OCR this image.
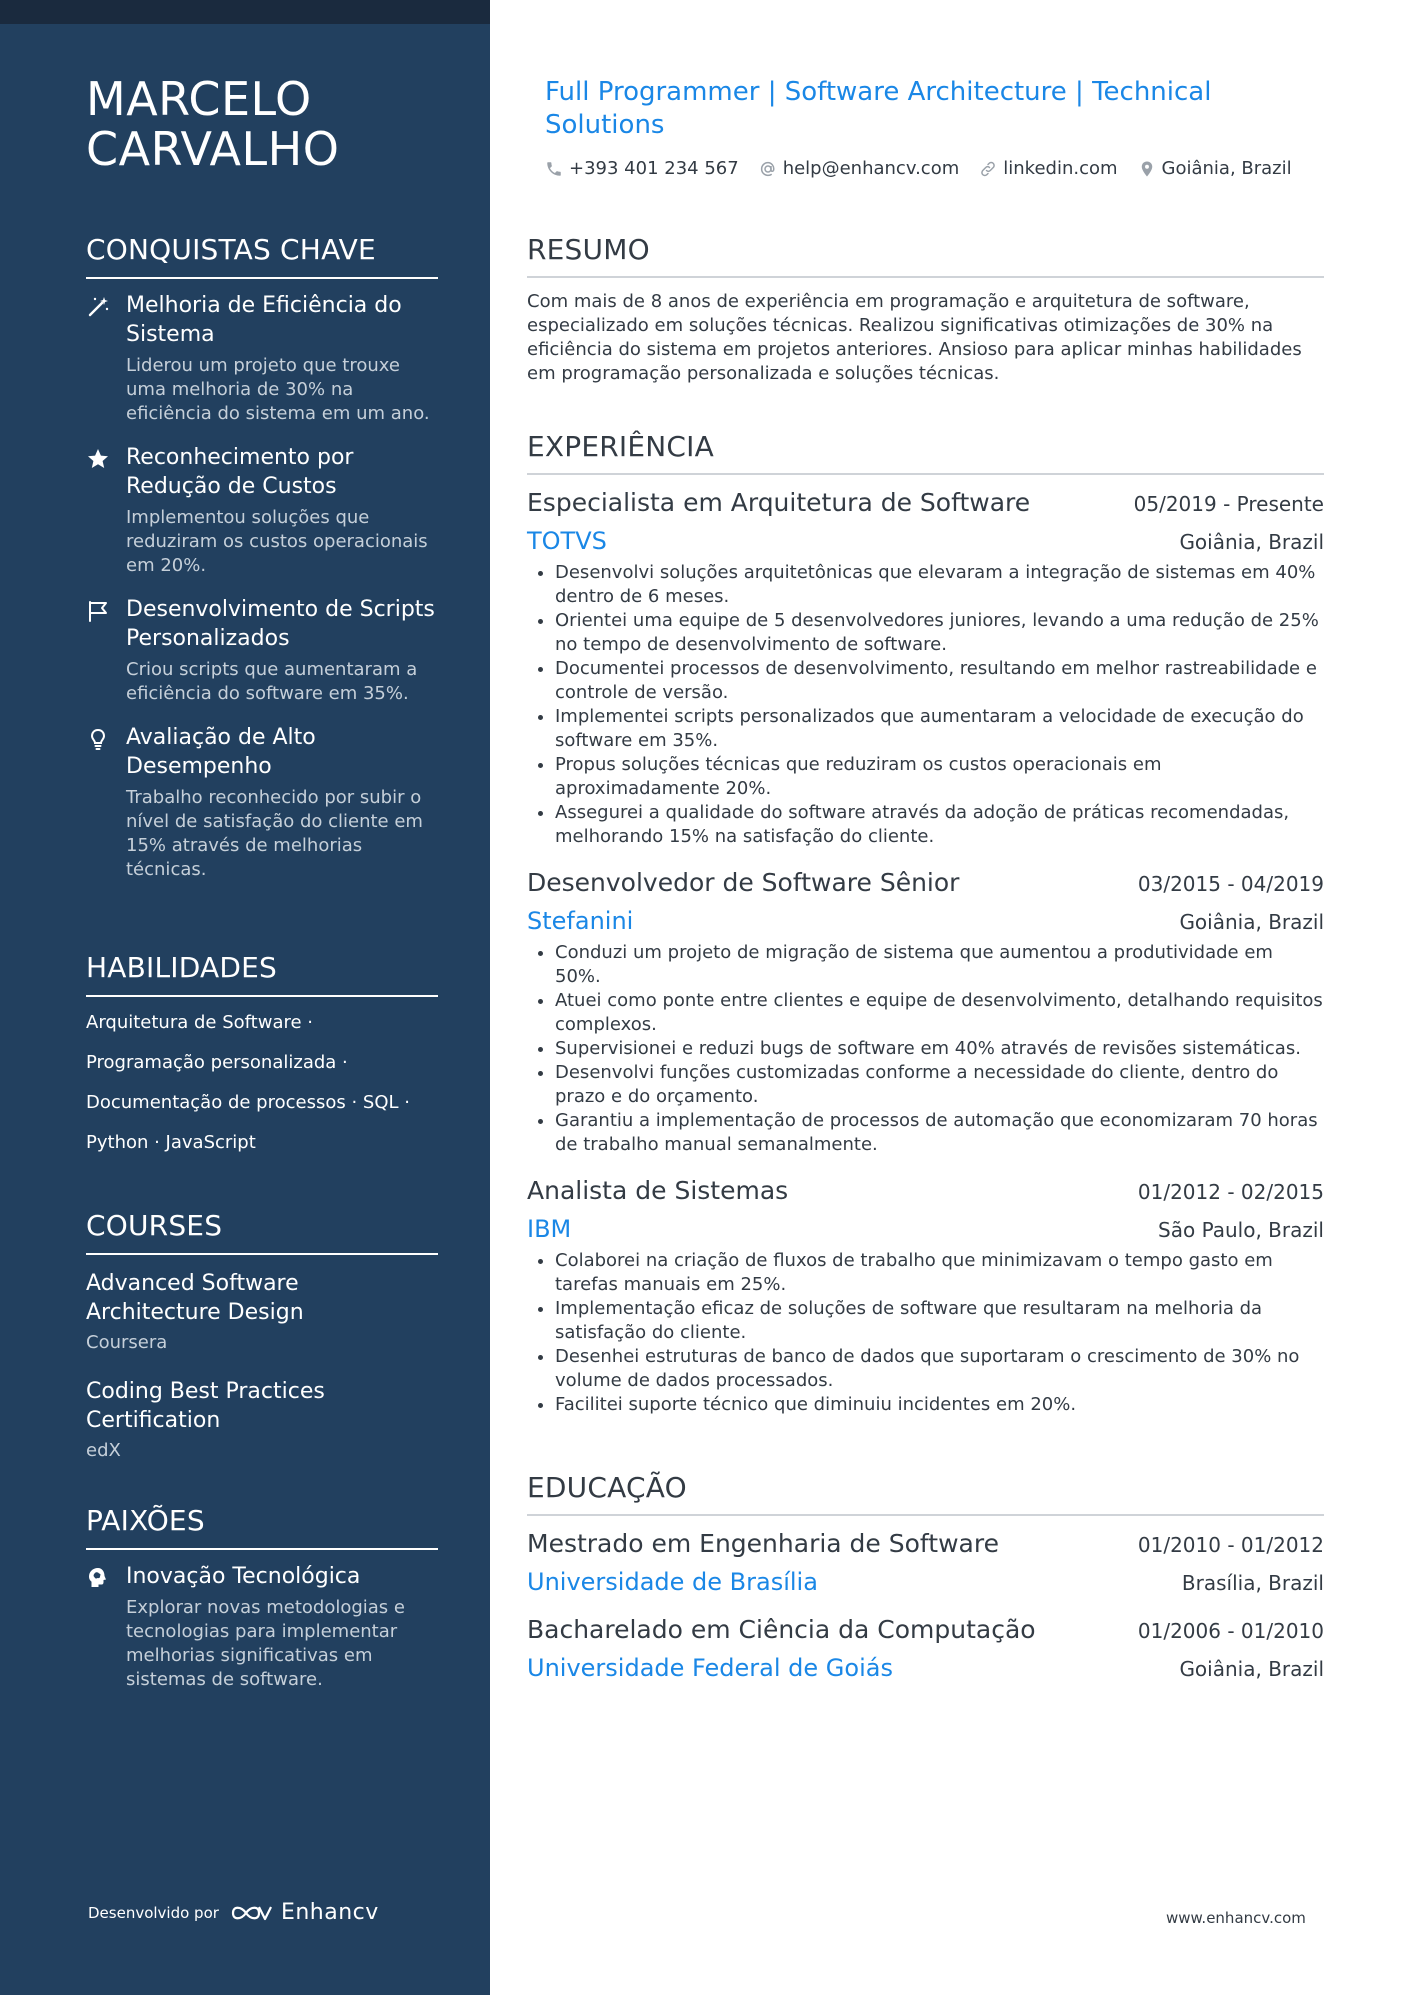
MARCELO
CARVALHO
CONQUISTAS CHAVE
Melhoria de Eficiência do Sistema
Liderou um projeto que trouxe uma melhoria de 30% na eficiência do sistema em um ano.
Reconhecimento por Redução de Custos
Implementou soluções que reduziram os custos operacionais em 20%.
Desenvolvimento de Scripts Personalizados
Criou scripts que aumentaram a eficiência do software em 35%.
Avaliação de Alto Desempenho
Trabalho reconhecido por subir o nível de satisfação do cliente em 15% através de melhorias técnicas.
HABILIDADES
Arquitetura de Software ·
Programação personalizada ·
Documentação de processos · SQL ·
Python · JavaScript
COURSES
Advanced Software Architecture Design
Coursera
Coding Best Practices Certification
edX
PAIXÕES
Inovação Tecnológica
Explorar novas metodologias e tecnologias para implementar melhorias significativas em sistemas de software.
Desenvolvido por	Enhancv
Full Programmer | Software Architecture | Technical Solutions
+393 401 234 567 help@enhancv.com linkedin.com Goiânia, Brazil
RESUMO
Com mais de 8 anos de experiência em programação e arquitetura de software, especializado em soluções técnicas. Realizou significativas otimizações de 30% na eficiência do sistema em projetos anteriores. Ansioso para aplicar minhas habilidades em programação personalizada e soluções técnicas.
EXPERIÊNCIA
Especialista em Arquitetura de Software	05/2019 - Presente
TOTVS	Goiânia, Brazil
• Desenvolvi soluções arquitetônicas que elevaram a integração de sistemas em 40% dentro de 6 meses.
• Orientei uma equipe de 5 desenvolvedores juniores, levando a uma redução de 25% no tempo de desenvolvimento de software.
• Documentei processos de desenvolvimento, resultando em melhor rastreabilidade e controle de versão.
• Implementei scripts personalizados que aumentaram a velocidade de execução do software em 35%.
• Propus soluções técnicas que reduziram os custos operacionais em aproximadamente 20%.
• Assegurei a qualidade do software através da adoção de práticas recomendadas, melhorando 15% na satisfação do cliente.
Desenvolvedor de Software Sênior	03/2015 - 04/2019
Stefanini	Goiânia, Brazil
• Conduzi um projeto de migração de sistema que aumentou a produtividade em 50%.
• Atuei como ponte entre clientes e equipe de desenvolvimento, detalhando requisitos complexos.
• Supervisionei e reduzi bugs de software em 40% através de revisões sistemáticas.
• Desenvolvi funções customizadas conforme a necessidade do cliente, dentro do prazo e do orçamento.
• Garantiu a implementação de processos de automação que economizaram 70 horas de trabalho manual semanalmente.
Analista de Sistemas	01/2012 - 02/2015
IBM	São Paulo, Brazil
• Colaborei na criação de fluxos de trabalho que minimizavam o tempo gasto em tarefas manuais em 25%.
• Implementação eficaz de soluções de software que resultaram na melhoria da satisfação do cliente.
• Desenhei estruturas de banco de dados que suportaram o crescimento de 30% no volume de dados processados.
• Facilitei suporte técnico que diminuiu incidentes em 20%.
EDUCAÇÃO
Mestrado em Engenharia de Software	01/2010 - 01/2012
Universidade de Brasília	Brasília, Brazil
Bacharelado em Ciência da Computação	01/2006 - 01/2010
Universidade Federal de Goiás	Goiânia, Brazil
www.enhancv.com
